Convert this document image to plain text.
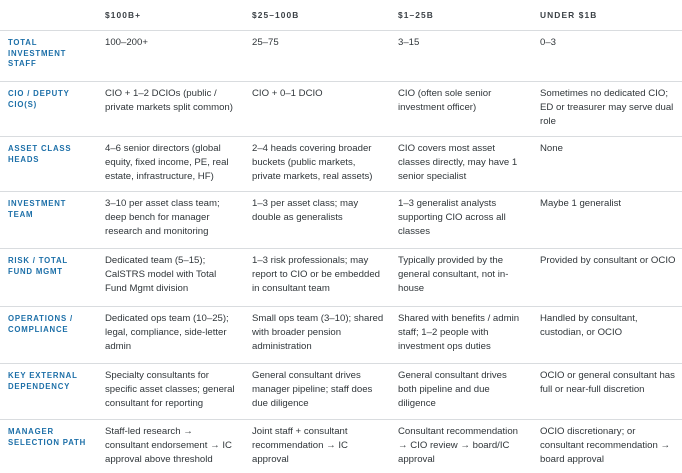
	$100B+	$25–100B	$1–25B	UNDER $1B
TOTAL INVESTMENT STAFF	100–200+	25–75	3–15	0–3
CIO / DEPUTY CIO(S)	CIO + 1–2 DCIOs (public / private markets split common)	CIO + 0–1 DCIO	CIO (often sole senior investment officer)	Sometimes no dedicated CIO; ED or treasurer may serve dual role
ASSET CLASS HEADS	4–6 senior directors (global equity, fixed income, PE, real estate, infrastructure, HF)	2–4 heads covering broader buckets (public markets, private markets, real assets)	CIO covers most asset classes directly, may have 1 senior specialist	None
INVESTMENT TEAM	3–10 per asset class team; deep bench for manager research and monitoring	1–3 per asset class; may double as generalists	1–3 generalist analysts supporting CIO across all classes	Maybe 1 generalist
RISK / TOTAL FUND MGMT	Dedicated team (5–15); CalSTRS model with Total Fund Mgmt division	1–3 risk professionals; may report to CIO or be embedded in consultant team	Typically provided by the general consultant, not in-house	Provided by consultant or OCIO
OPERATIONS / COMPLIANCE	Dedicated ops team (10–25); legal, compliance, side-letter admin	Small ops team (3–10); shared with broader pension administration	Shared with benefits / admin staff; 1–2 people with investment ops duties	Handled by consultant, custodian, or OCIO
KEY EXTERNAL DEPENDENCY	Specialty consultants for specific asset classes; general consultant for reporting	General consultant drives manager pipeline; staff does due diligence	General consultant drives both pipeline and due diligence	OCIO or general consultant has full or near-full discretion
MANAGER SELECTION PATH	Staff-led research → consultant endorsement → IC approval above threshold	Joint staff + consultant recommendation → IC approval	Consultant recommendation → CIO review → board/IC approval	OCIO discretionary; or consultant recommendation → board approval
